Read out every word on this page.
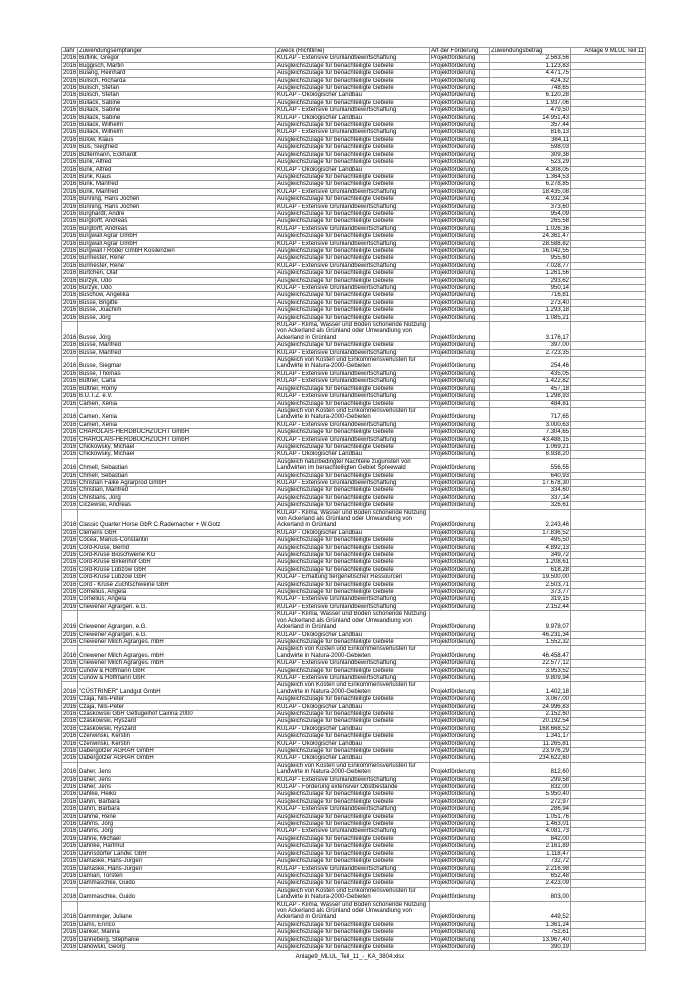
Jahr	Zuwendungsempfänger	Zweck (Richtlinie)	Art der Förderung	Zuwendungsbetrag	Anlage 9 MLUL Teil 11
2016	Buflink, Gregor	KULAP - Extensive Grünlandbewirtschaftung	Projektförderung	2.563,56	
2016	Buggisch, Martin	Ausgleichszulage für benachteiligte Gebiete	Projektförderung	1.123,83	
2016	Bulang, Reinhard	Ausgleichszulage für benachteiligte Gebiete	Projektförderung	4.471,75	
2016	Bulisch, Richarda	Ausgleichszulage für benachteiligte Gebiete	Projektförderung	424,32	
2016	Bulisch, Stefan	Ausgleichszulage für benachteiligte Gebiete	Projektförderung	748,65	
2016	Bulisch, Stefan	KULAP - Ökologischer Landbau	Projektförderung	6.120,28	
2016	Bullack, Sabine	Ausgleichszulage für benachteiligte Gebiete	Projektförderung	1.937,06	
2016	Bullack, Sabine	KULAP - Extensive Grünlandbewirtschaftung	Projektförderung	479,50	
2016	Bullack, Sabine	KULAP - Ökologischer Landbau	Projektförderung	14.951,43	
2016	Bullack, Wilhelm	Ausgleichszulage für benachteiligte Gebiete	Projektförderung	357,44	
2016	Bullack, Wilhelm	KULAP - Extensive Grünlandbewirtschaftung	Projektförderung	816,13	
2016	Bülow, Klaus	Ausgleichszulage für benachteiligte Gebiete	Projektförderung	384,11	
2016	Buls, Siegfried	Ausgleichszulage für benachteiligte Gebiete	Projektförderung	598,03	
2016	Bültermann, Eckhardt	Ausgleichszulage für benachteiligte Gebiete	Projektförderung	309,38	
2016	Bunk, Alfred	Ausgleichszulage für benachteiligte Gebiete	Projektförderung	523,29	
2016	Bunk, Alfred	KULAP - Ökologischer Landbau	Projektförderung	4.308,05	
2016	Bunk, Klaus	Ausgleichszulage für benachteiligte Gebiete	Projektförderung	1.364,53	
2016	Bunk, Manfred	Ausgleichszulage für benachteiligte Gebiete	Projektförderung	6.278,85	
2016	Bunk, Manfred	KULAP - Extensive Grünlandbewirtschaftung	Projektförderung	18.435,08	
2016	Bünning, Hans Jochen	Ausgleichszulage für benachteiligte Gebiete	Projektförderung	4.932,34	
2016	Bünning, Hans Jochen	KULAP - Extensive Grünlandbewirtschaftung	Projektförderung	373,60	
2016	Burghardt, Andre	Ausgleichszulage für benachteiligte Gebiete	Projektförderung	954,09	
2016	Burgtorff, Andreas	Ausgleichszulage für benachteiligte Gebiete	Projektförderung	265,58	
2016	Burgtorff, Andreas	KULAP - Extensive Grünlandbewirtschaftung	Projektförderung	1.026,36	
2016	Burgwall Agrar GmbH	Ausgleichszulage für benachteiligte Gebiete	Projektförderung	24.361,47	
2016	Burgwall Agrar GmbH	KULAP - Extensive Grünlandbewirtschaftung	Projektförderung	28.588,82	
2016	Burgwall / Röder GmbH Kosilenzien	Ausgleichszulage für benachteiligte Gebiete	Projektförderung	16.042,55	
2016	Burmester, Rene'	Ausgleichszulage für benachteiligte Gebiete	Projektförderung	955,60	
2016	Burmester, Rene'	KULAP - Extensive Grünlandbewirtschaftung	Projektförderung	7.028,77	
2016	Burtchen, Olaf	Ausgleichszulage für benachteiligte Gebiete	Projektförderung	1.261,56	
2016	Burzyk, Udo	Ausgleichszulage für benachteiligte Gebiete	Projektförderung	293,62	
2016	Burzyk, Udo	KULAP - Extensive Grünlandbewirtschaftung	Projektförderung	950,14	
2016	Buschow, Angelika	Ausgleichszulage für benachteiligte Gebiete	Projektförderung	716,81	
2016	Busse, Brigitte	Ausgleichszulage für benachteiligte Gebiete	Projektförderung	273,40	
2016	Busse, Joachim	Ausgleichszulage für benachteiligte Gebiete	Projektförderung	1.293,18	
2016	Busse, Jörg	Ausgleichszulage für benachteiligte Gebiete	Projektförderung	1.085,21	
2016	Busse, Jörg	KULAP - Klima, Wasser und Boden schonende Nutzung von Ackerland als Grünland oder Umwandlung von Ackerland in Grünland	Projektförderung	3.176,17	
2016	Busse, Manfred	Ausgleichszulage für benachteiligte Gebiete	Projektförderung	397,00	
2016	Busse, Manfred	KULAP - Extensive Grünlandbewirtschaftung	Projektförderung	2.723,35	
2016	Busse, Siegmar	Ausgleich von Kosten und Einkommensverlusten für Landwirte in Natura-2000-Gebieten	Projektförderung	254,46	
2016	Busse, Thomas	KULAP - Extensive Grünlandbewirtschaftung	Projektförderung	435,05	
2016	Büttner, Carla	KULAP - Extensive Grünlandbewirtschaftung	Projektförderung	1.422,82	
2016	Büttner, Romy	Ausgleichszulage für benachteiligte Gebiete	Projektförderung	457,18	
2016	B.U.T.Z. e.V.	KULAP - Extensive Grünlandbewirtschaftung	Projektförderung	1.298,93	
2016	Camen, Xenia	Ausgleichszulage für benachteiligte Gebiete	Projektförderung	484,81	
2016	Camen, Xenia	Ausgleich von Kosten und Einkommensverlusten für Landwirte in Natura-2000-Gebieten	Projektförderung	717,65	
2016	Camen, Xenia	KULAP - Extensive Grünlandbewirtschaftung	Projektförderung	3.000,63	
2016	CHAROLAIS-HERDBUCHZUCHT GmbH	Ausgleichszulage für benachteiligte Gebiete	Projektförderung	7.304,65	
2016	CHAROLAIS-HERDBUCHZUCHT GmbH	KULAP - Extensive Grünlandbewirtschaftung	Projektförderung	43.488,15	
2016	Chickowsky, Michael	Ausgleichszulage für benachteiligte Gebiete	Projektförderung	1.069,21	
2016	Chickowsky, Michael	KULAP - Ökologischer Landbau	Projektförderung	8.938,20	
2016	Chmell, Sebastian	Ausgleich naturbedingter Nachteile zugunsten von Landwirten im benachteiligten Gebiet Spreewald	Projektförderung	556,55	
2016	Chmell, Sebastian	Ausgleichszulage für benachteiligte Gebiete	Projektförderung	640,93	
2016	Christian Falke Agrarprod GmbH	KULAP - Extensive Grünlandbewirtschaftung	Projektförderung	17.678,30	
2016	Christian, Manfred	Ausgleichszulage für benachteiligte Gebiete	Projektförderung	334,60	
2016	Christians, Jörg	Ausgleichszulage für benachteiligte Gebiete	Projektförderung	337,14	
2016	Ciczewski, Andreas	Ausgleichszulage für benachteiligte Gebiete	Projektförderung	326,61	
2016	Classic Quarter Horse GbR C.Rademacher + W.Gotz	KULAP - Klima, Wasser und Boden schonende Nutzung von Ackerland als Grünland oder Umwandlung von Ackerland in Grünland	Projektförderung	2.243,46	
2016	Clemens GbR	KULAP - Ökologischer Landbau	Projektförderung	17.836,52	
2016	Cocea, Marius-Constantin	Ausgleichszulage für benachteiligte Gebiete	Projektförderung	495,50	
2016	Cord-Kruse, Bernd	Ausgleichszulage für benachteiligte Gebiete	Projektförderung	4.892,13	
2016	Cord-Kruse Bioschweine KG	Ausgleichszulage für benachteiligte Gebiete	Projektförderung	349,72	
2016	Cord-Kruse Birkenhof GbR	Ausgleichszulage für benachteiligte Gebiete	Projektförderung	1.208,61	
2016	Cord-Kruse Lübzow GbR	Ausgleichszulage für benachteiligte Gebiete	Projektförderung	618,28	
2016	Cord-Kruse Lübzow GbR	KULAP - Erhaltung tiergenetischer Ressourcen	Projektförderung	19.500,00	
2016	Cord - Kruse Zuchtschweine GbR	Ausgleichszulage für benachteiligte Gebiete	Projektförderung	2.503,71	
2016	Cornelius, Angela	Ausgleichszulage für benachteiligte Gebiete	Projektförderung	373,77	
2016	Cornelius, Angela	KULAP - Extensive Grünlandbewirtschaftung	Projektförderung	319,15	
2016	Criewener Agrargen. e.G.	KULAP - Extensive Grünlandbewirtschaftung	Projektförderung	2.152,44	
2016	Criewener Agrargen. e.G.	KULAP - Klima, Wasser und Boden schonende Nutzung von Ackerland als Grünland oder Umwandlung von Ackerland in Grünland	Projektförderung	9.978,07	
2016	Criewener Agrargen. e.G.	KULAP - Ökologischer Landbau	Projektförderung	46.231,34	
2016	Criewener Milch Agrarges. mbH	Ausgleichszulage für benachteiligte Gebiete	Projektförderung	1.552,32	
2016	Criewener Milch Agrarges. mbH	Ausgleich von Kosten und Einkommensverlusten für Landwirte in Natura-2000-Gebieten	Projektförderung	46.458,47	
2016	Criewener Milch Agrarges. mbH	KULAP - Extensive Grünlandbewirtschaftung	Projektförderung	22.577,12	
2016	Cunow & Hoffmann GbR	Ausgleichszulage für benachteiligte Gebiete	Projektförderung	3.953,52	
2016	Cunow & Hoffmann GbR	KULAP - Extensive Grünlandbewirtschaftung	Projektförderung	9.809,94	
2016	"CÜSTRINER" Landgut GmbH	Ausgleich von Kosten und Einkommensverlusten für Landwirte in Natura-2000-Gebieten	Projektförderung	1.402,18	
2016	Czaja, Nils-Peter	Ausgleichszulage für benachteiligte Gebiete	Projektförderung	3.067,00	
2016	Czaja, Nils-Peter	KULAP - Ökologischer Landbau	Projektförderung	24.996,83	
2016	Czaskowski GbR Geflügelhof Cairina 2000	Ausgleichszulage für benachteiligte Gebiete	Projektförderung	2.152,60	
2016	Czaskowski, Ryszard	Ausgleichszulage für benachteiligte Gebiete	Projektförderung	20.192,54	
2016	Czaskowski, Ryszard	KULAP - Ökologischer Landbau	Projektförderung	168.668,52	
2016	Czerwinski, Kerstin	Ausgleichszulage für benachteiligte Gebiete	Projektförderung	1.341,17	
2016	Czerwinski, Kerstin	KULAP - Ökologischer Landbau	Projektförderung	11.265,81	
2016	Dabergotzer AGRAR GmbH	Ausgleichszulage für benachteiligte Gebiete	Projektförderung	23.976,29	
2016	Dabergotzer AGRAR GmbH	KULAP - Ökologischer Landbau	Projektförderung	234.622,60	
2016	Daher, Jens	Ausgleich von Kosten und Einkommensverlusten für Landwirte in Natura-2000-Gebieten	Projektförderung	812,60	
2016	Daher, Jens	KULAP - Extensive Grünlandbewirtschaftung	Projektförderung	299,58	
2016	Daher, Jens	KULAP - Förderung extensiver Obstbestände	Projektförderung	832,00	
2016	Dahlke, Heiko	Ausgleichszulage für benachteiligte Gebiete	Projektförderung	5.950,40	
2016	Dahm, Barbara	Ausgleichszulage für benachteiligte Gebiete	Projektförderung	272,97	
2016	Dahm, Barbara	KULAP - Extensive Grünlandbewirtschaftung	Projektförderung	286,94	
2016	Dahme, René	Ausgleichszulage für benachteiligte Gebiete	Projektförderung	1.051,76	
2016	Dahms, Jörg	Ausgleichszulage für benachteiligte Gebiete	Projektförderung	1.463,01	
2016	Dahms, Jörg	KULAP - Extensive Grünlandbewirtschaftung	Projektförderung	4.081,73	
2016	Dähne, Michael	Ausgleichszulage für benachteiligte Gebiete	Projektförderung	842,00	
2016	Dahnke, Hartmut	Ausgleichszulage für benachteiligte Gebiete	Projektförderung	2.161,89	
2016	Dahnsdorfer Landw. GbR	Ausgleichszulage für benachteiligte Gebiete	Projektförderung	1.118,47	
2016	Damaske, Hans-Jürgen	Ausgleichszulage für benachteiligte Gebiete	Projektförderung	732,72	
2016	Damaske, Hans-Jürgen	KULAP - Extensive Grünlandbewirtschaftung	Projektförderung	2.216,98	
2016	Damian, Torsten	Ausgleichszulage für benachteiligte Gebiete	Projektförderung	652,48	
2016	Dammaschke, Guido	Ausgleichszulage für benachteiligte Gebiete	Projektförderung	2.423,09	
2016	Dammaschke, Guido	Ausgleich von Kosten und Einkommensverlusten für Landwirte in Natura-2000-Gebieten	Projektförderung	803,00	
2016	Damminger, Juliane	KULAP - Klima, Wasser und Boden schonende Nutzung von Ackerland als Grünland oder Umwandlung von Ackerland in Grünland	Projektförderung	449,52	
2016	Dams, Enrico	Ausgleichszulage für benachteiligte Gebiete	Projektförderung	1.361,24	
2016	Danker, Marina	Ausgleichszulage für benachteiligte Gebiete	Projektförderung	752,61	
2016	Danneberg, Stephanie	Ausgleichszulage für benachteiligte Gebiete	Projektförderung	13.967,40	
2016	Danowski, Georg	Ausgleichszulage für benachteiligte Gebiete	Projektförderung	390,19	
Anlage9_MLUL_Teil_11_-_KA_3804.xlsx
